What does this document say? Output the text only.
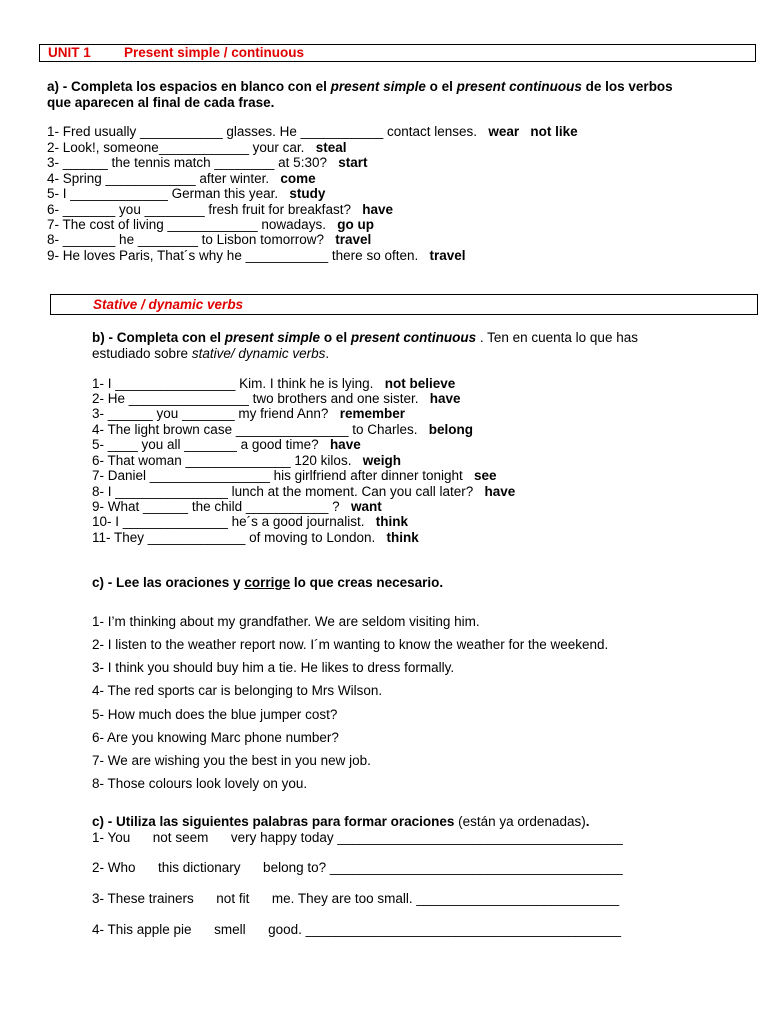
UNIT 1 Present simple / continuous
a) - Completa los espacios en blanco con el present simple o el present continuous de los verbos
que aparecen al final de cada frase.
1- Fred usually ___________ glasses. He ___________ contact lenses.   wear   not like
2- Look!, someone____________ your car.   steal
3- ______ the tennis match ________ at 5:30?   start
4- Spring ____________ after winter.   come
5- I _____________ German this year.   study
6- _______ you ________ fresh fruit for breakfast?   have
7- The cost of living ____________ nowadays.   go up
8- _______ he ________ to Lisbon tomorrow?   travel
9- He loves Paris, That´s why he ___________ there so often.   travel
Stative / dynamic verbs
b) - Completa con el present simple o el present continuous . Ten en cuenta lo que has
estudiado sobre stative/ dynamic verbs.
1- I ________________ Kim. I think he is lying.   not believe
2- He ________________ two brothers and one sister.   have
3- ______ you _______ my friend Ann?   remember
4- The light brown case _______________ to Charles.   belong
5- ____ you all _______ a good time?   have
6- That woman ______________ 120 kilos.   weigh
7- Daniel ________________ his girlfriend after dinner tonight   see
8- I _______________ lunch at the moment. Can you call later?   have
9- What ______ the child ___________ ?   want
10- I ______________ he´s a good journalist.   think
11- They _____________ of moving to London.   think
c) - Lee las oraciones y corrige lo que creas necesario.
1- I’m thinking about my grandfather. We are seldom visiting him.
2- I listen to the weather report now. I´m wanting to know the weather for the weekend.
3- I think you should buy him a tie. He likes to dress formally.
4- The red sports car is belonging to Mrs Wilson.
5- How much does the blue jumper cost?
6- Are you knowing Marc phone number?
7- We are wishing you the best in you new job.
8- Those colours look lovely on you.
c) - Utiliza las siguientes palabras para formar oraciones (están ya ordenadas).
1- You      not seem      very happy today ______________________________________
2- Who      this dictionary      belong to? _______________________________________
3- These trainers      not fit      me. They are too small. ___________________________
4- This apple pie      smell      good. __________________________________________
